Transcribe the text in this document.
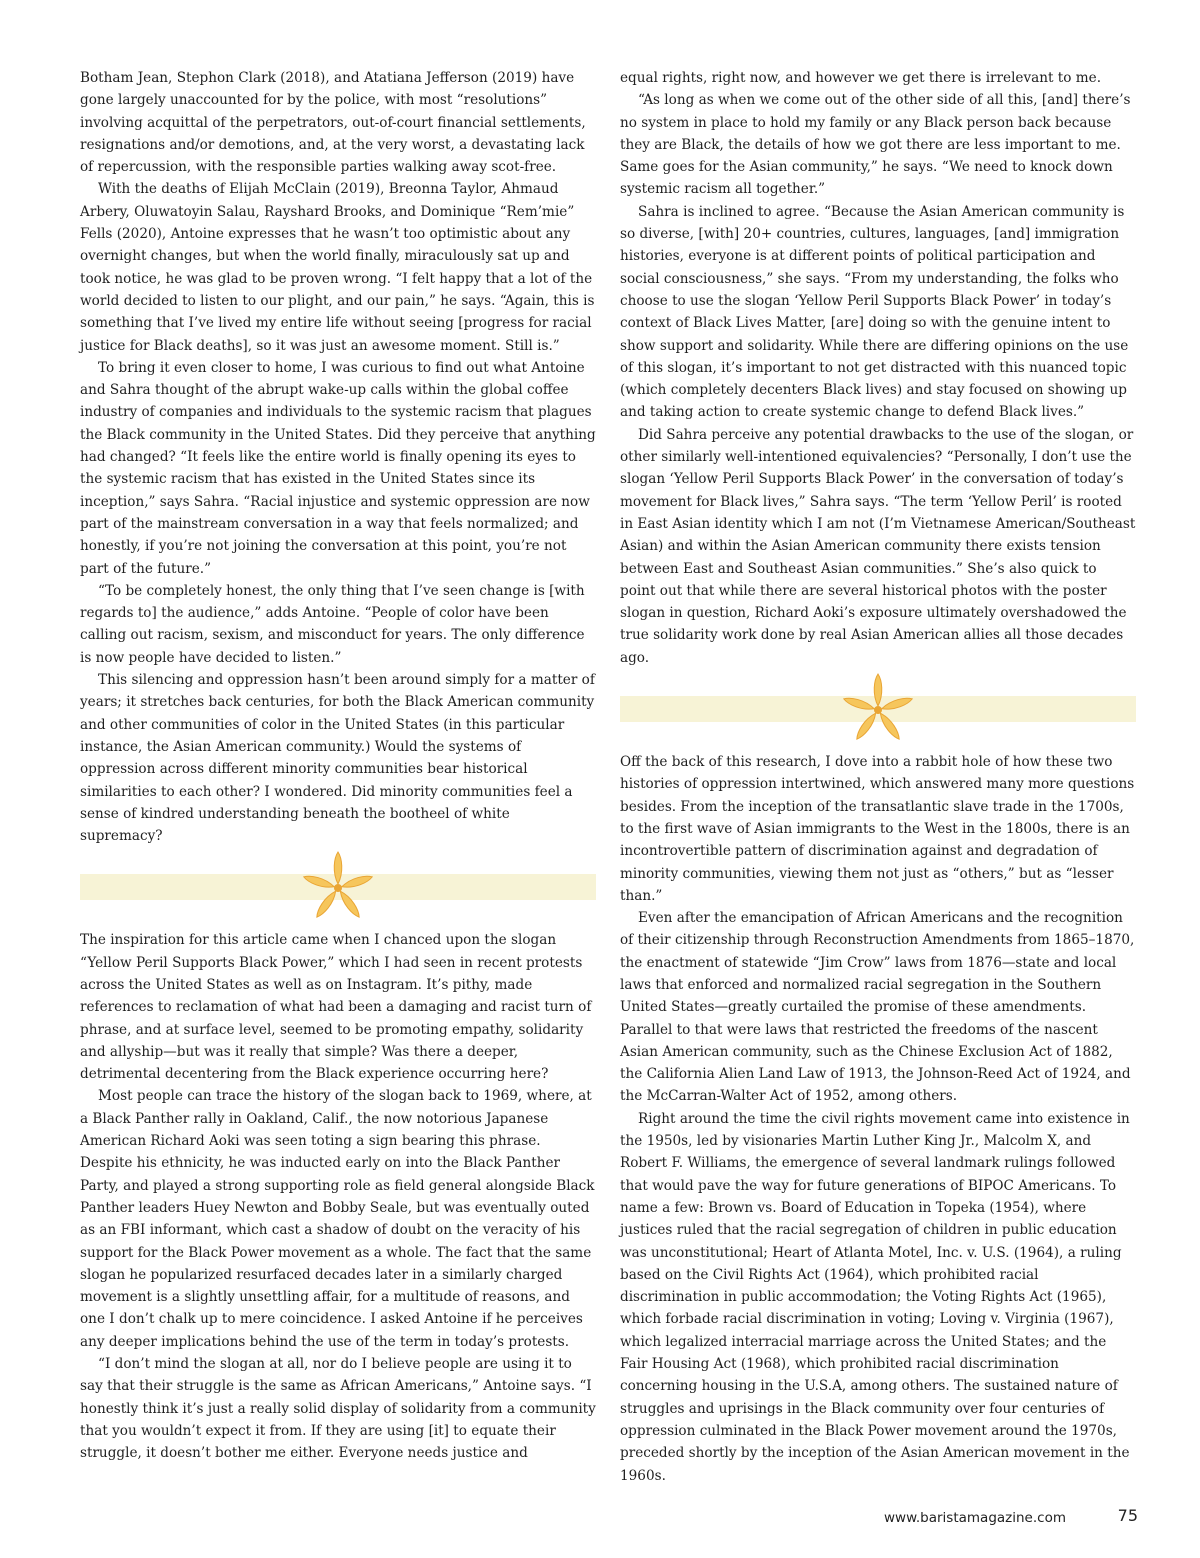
Botham Jean, Stephon Clark (2018), and Atatiana Jefferson (2019) have gone largely unaccounted for by the police, with most “resolutions” involving acquittal of the perpetrators, out-of-court financial settlements, resignations and/or demotions, and, at the very worst, a devastating lack of repercussion, with the responsible parties walking away scot-free.

With the deaths of Elijah McClain (2019), Breonna Taylor, Ahmaud Arbery, Oluwatoyin Salau, Rayshard Brooks, and Dominique “Rem’mie” Fells (2020), Antoine expresses that he wasn’t too optimistic about any overnight changes, but when the world finally, miraculously sat up and took notice, he was glad to be proven wrong. “I felt happy that a lot of the world decided to listen to our plight, and our pain,” he says. “Again, this is something that I’ve lived my entire life without seeing [progress for racial justice for Black deaths], so it was just an awesome moment. Still is.”

To bring it even closer to home, I was curious to find out what Antoine and Sahra thought of the abrupt wake-up calls within the global coffee industry of companies and individuals to the systemic racism that plagues the Black community in the United States. Did they perceive that anything had changed? “It feels like the entire world is finally opening its eyes to the systemic racism that has existed in the United States since its inception,” says Sahra. “Racial injustice and systemic oppression are now part of the mainstream conversation in a way that feels normalized; and honestly, if you’re not joining the conversation at this point, you’re not part of the future.”

“To be completely honest, the only thing that I’ve seen change is [with regards to] the audience,” adds Antoine. “People of color have been calling out racism, sexism, and misconduct for years. The only difference is now people have decided to listen.”

This silencing and oppression hasn’t been around simply for a matter of years; it stretches back centuries, for both the Black American community and other communities of color in the United States (in this particular instance, the Asian American community.) Would the systems of oppression across different minority communities bear historical similarities to each other? I wondered. Did minority communities feel a sense of kindred understanding beneath the bootheel of white supremacy?

The inspiration for this article came when I chanced upon the slogan “Yellow Peril Supports Black Power,” which I had seen in recent protests across the United States as well as on Instagram. It’s pithy, made references to reclamation of what had been a damaging and racist turn of phrase, and at surface level, seemed to be promoting empathy, solidarity and allyship—but was it really that simple? Was there a deeper, detrimental decentering from the Black experience occurring here?

Most people can trace the history of the slogan back to 1969, where, at a Black Panther rally in Oakland, Calif., the now notorious Japanese American Richard Aoki was seen toting a sign bearing this phrase. Despite his ethnicity, he was inducted early on into the Black Panther Party, and played a strong supporting role as field general alongside Black Panther leaders Huey Newton and Bobby Seale, but was eventually outed as an FBI informant, which cast a shadow of doubt on the veracity of his support for the Black Power movement as a whole. The fact that the same slogan he popularized resurfaced decades later in a similarly charged movement is a slightly unsettling affair, for a multitude of reasons, and one I don’t chalk up to mere coincidence. I asked Antoine if he perceives any deeper implications behind the use of the term in today’s protests.

“I don’t mind the slogan at all, nor do I believe people are using it to say that their struggle is the same as African Americans,” Antoine says. “I honestly think it’s just a really solid display of solidarity from a community that you wouldn’t expect it from. If they are using [it] to equate their struggle, it doesn’t bother me either. Everyone needs justice and

equal rights, right now, and however we get there is irrelevant to me.

“As long as when we come out of the other side of all this, [and] there’s no system in place to hold my family or any Black person back because they are Black, the details of how we got there are less important to me. Same goes for the Asian community,” he says. “We need to knock down systemic racism all together.”

Sahra is inclined to agree. “Because the Asian American community is so diverse, [with] 20+ countries, cultures, languages, [and] immigration histories, everyone is at different points of political participation and social consciousness,” she says. “From my understanding, the folks who choose to use the slogan ‘Yellow Peril Supports Black Power’ in today’s context of Black Lives Matter, [are] doing so with the genuine intent to show support and solidarity. While there are differing opinions on the use of this slogan, it’s important to not get distracted with this nuanced topic (which completely decenters Black lives) and stay focused on showing up and taking action to create systemic change to defend Black lives.”

Did Sahra perceive any potential drawbacks to the use of the slogan, or other similarly well-intentioned equivalencies? “Personally, I don’t use the slogan ‘Yellow Peril Supports Black Power’ in the conversation of today’s movement for Black lives,” Sahra says. “The term ‘Yellow Peril’ is rooted in East Asian identity which I am not (I’m Vietnamese American/Southeast Asian) and within the Asian American community there exists tension between East and Southeast Asian communities.” She’s also quick to point out that while there are several historical photos with the poster slogan in question, Richard Aoki’s exposure ultimately overshadowed the true solidarity work done by real Asian American allies all those decades ago.

Off the back of this research, I dove into a rabbit hole of how these two histories of oppression intertwined, which answered many more questions besides. From the inception of the transatlantic slave trade in the 1700s, to the first wave of Asian immigrants to the West in the 1800s, there is an incontrovertible pattern of discrimination against and degradation of minority communities, viewing them not just as “others,” but as “lesser than.”

Even after the emancipation of African Americans and the recognition of their citizenship through Reconstruction Amendments from 1865–1870, the enactment of statewide “Jim Crow” laws from 1876—state and local laws that enforced and normalized racial segregation in the Southern United States—greatly curtailed the promise of these amendments. Parallel to that were laws that restricted the freedoms of the nascent Asian American community, such as the Chinese Exclusion Act of 1882, the California Alien Land Law of 1913, the Johnson-Reed Act of 1924, and the McCarran-Walter Act of 1952, among others.

Right around the time the civil rights movement came into existence in the 1950s, led by visionaries Martin Luther King Jr., Malcolm X, and Robert F. Williams, the emergence of several landmark rulings followed that would pave the way for future generations of BIPOC Americans. To name a few: Brown vs. Board of Education in Topeka (1954), where justices ruled that the racial segregation of children in public education was unconstitutional; Heart of Atlanta Motel, Inc. v. U.S. (1964), a ruling based on the Civil Rights Act (1964), which prohibited racial discrimination in public accommodation; the Voting Rights Act (1965), which forbade racial discrimination in voting; Loving v. Virginia (1967), which legalized interracial marriage across the United States; and the Fair Housing Act (1968), which prohibited racial discrimination concerning housing in the U.S.A, among others. The sustained nature of struggles and uprisings in the Black community over four centuries of oppression culminated in the Black Power movement around the 1970s, preceded shortly by the inception of the Asian American movement in the 1960s.

www.baristamagazine.com	75
